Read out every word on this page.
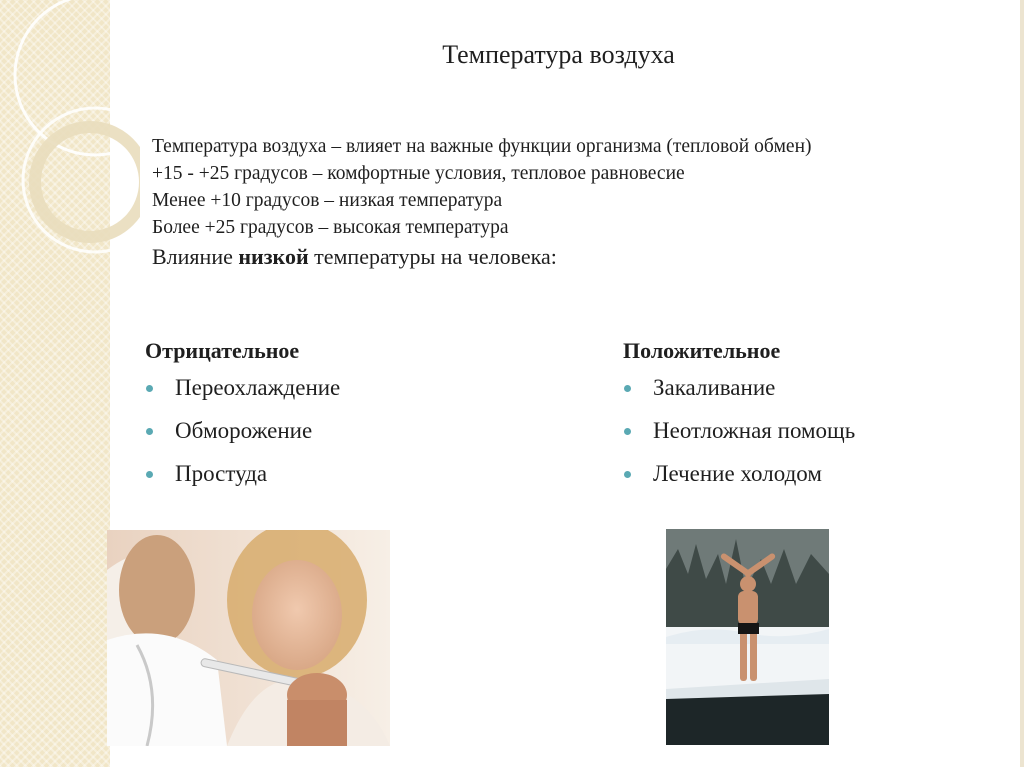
Температура воздуха
Температура воздуха – влияет на важные функции организма (тепловой обмен)
+15 - +25 градусов – комфортные условия, тепловое равновесие
Менее +10 градусов – низкая температура
Более +25 градусов – высокая температура
Влияние низкой температуры на человека:
Отрицательное
Переохлаждение
Обморожение
Простуда
Положительное
Закаливание
Неотложная помощь
Лечение холодом
